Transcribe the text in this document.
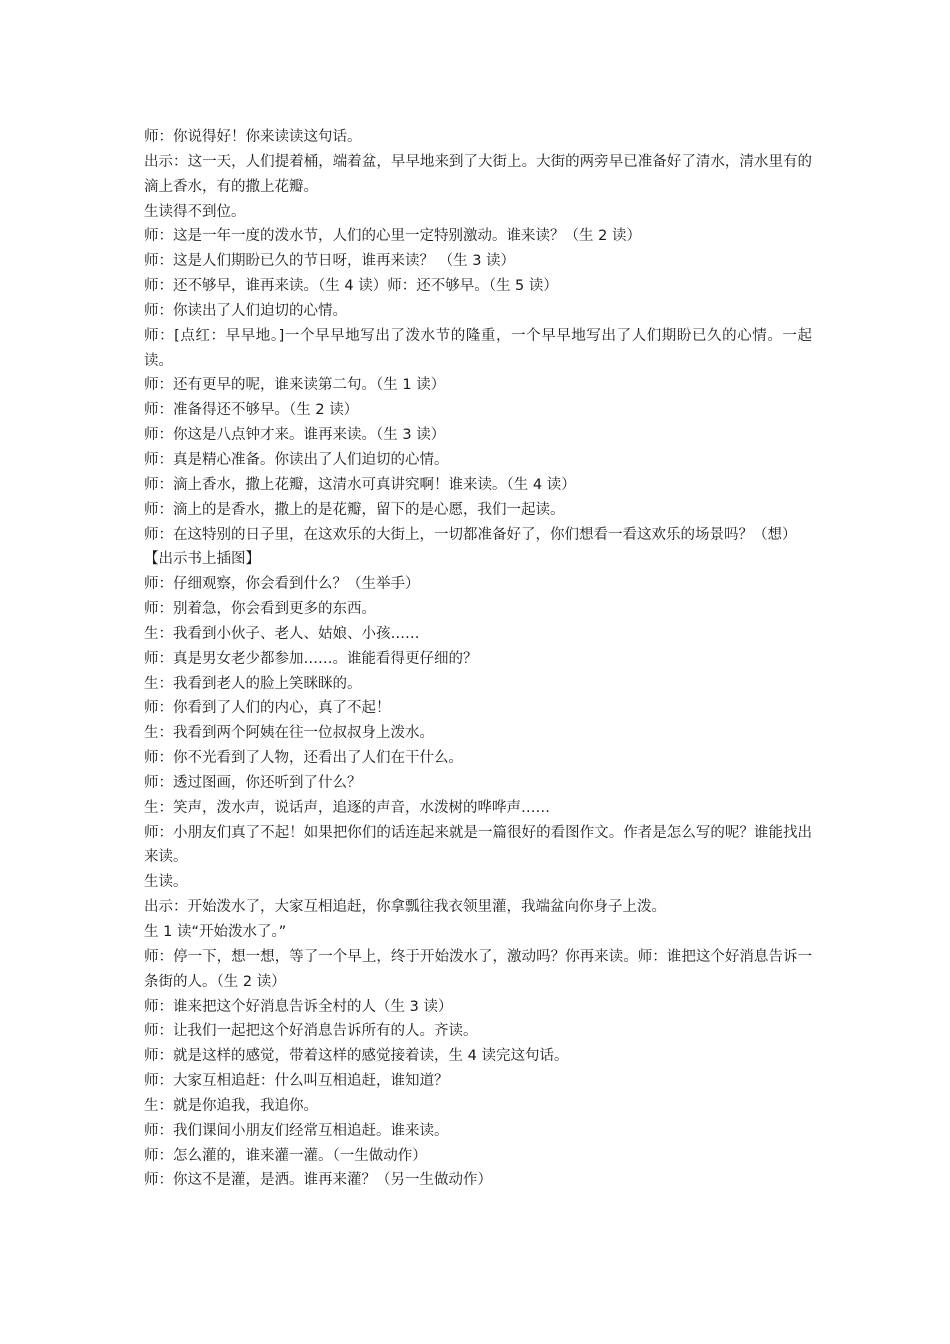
师：你说得好！你来读读这句话。

出示：这一天，人们提着桶，端着盆，早早地来到了大街上。大街的两旁早已准备好了清水，清水里有的滴上香水，有的撒上花瓣。

生读得不到位。

师：这是一年一度的泼水节，人们的心里一定特别激动。谁来读？（生 2 读）

师：这是人们期盼已久的节日呀，谁再来读？ （生 3 读）

师：还不够早，谁再来读。（生 4 读）师：还不够早。（生 5 读）

师：你读出了人们迫切的心情。

师：[点红：早早地。]一个早早地写出了泼水节的隆重，一个早早地写出了人们期盼已久的心情。一起读。

师：还有更早的呢，谁来读第二句。（生 1 读）

师：准备得还不够早。（生 2 读）

师：你这是八点钟才来。谁再来读。（生 3 读）

师：真是精心准备。你读出了人们迫切的心情。

师：滴上香水，撒上花瓣，这清水可真讲究啊！谁来读。（生 4 读）

师：滴上的是香水，撒上的是花瓣，留下的是心愿，我们一起读。

师：在这特别的日子里，在这欢乐的大街上，一切都准备好了，你们想看一看这欢乐的场景吗？（想）

【出示书上插图】

师：仔细观察，你会看到什么？（生举手）

师：别着急，你会看到更多的东西。

生：我看到小伙子、老人、姑娘、小孩……

师：真是男女老少都参加……。谁能看得更仔细的？

生：我看到老人的脸上笑眯眯的。

师：你看到了人们的内心，真了不起！

生：我看到两个阿姨在往一位叔叔身上泼水。

师：你不光看到了人物，还看出了人们在干什么。

师：透过图画，你还听到了什么？

生：笑声，泼水声，说话声，追逐的声音，水泼树的哗哗声……

师：小朋友们真了不起！如果把你们的话连起来就是一篇很好的看图作文。作者是怎么写的呢？谁能找出来读。

生读。

出示：开始泼水了，大家互相追赶，你拿瓢往我衣领里灌，我端盆向你身子上泼。

生 1 读“开始泼水了。”

师：停一下，想一想，等了一个早上，终于开始泼水了，激动吗？你再来读。师：谁把这个好消息告诉一条街的人。（生 2 读）

师：谁来把这个好消息告诉全村的人（生 3 读）

师：让我们一起把这个好消息告诉所有的人。齐读。

师：就是这样的感觉，带着这样的感觉接着读，生 4 读完这句话。

师：大家互相追赶：什么叫互相追赶，谁知道？

生：就是你追我，我追你。

师：我们课间小朋友们经常互相追赶。谁来读。

师：怎么灌的，谁来灌一灌。（一生做动作）

师：你这不是灌，是洒。谁再来灌？（另一生做动作）
